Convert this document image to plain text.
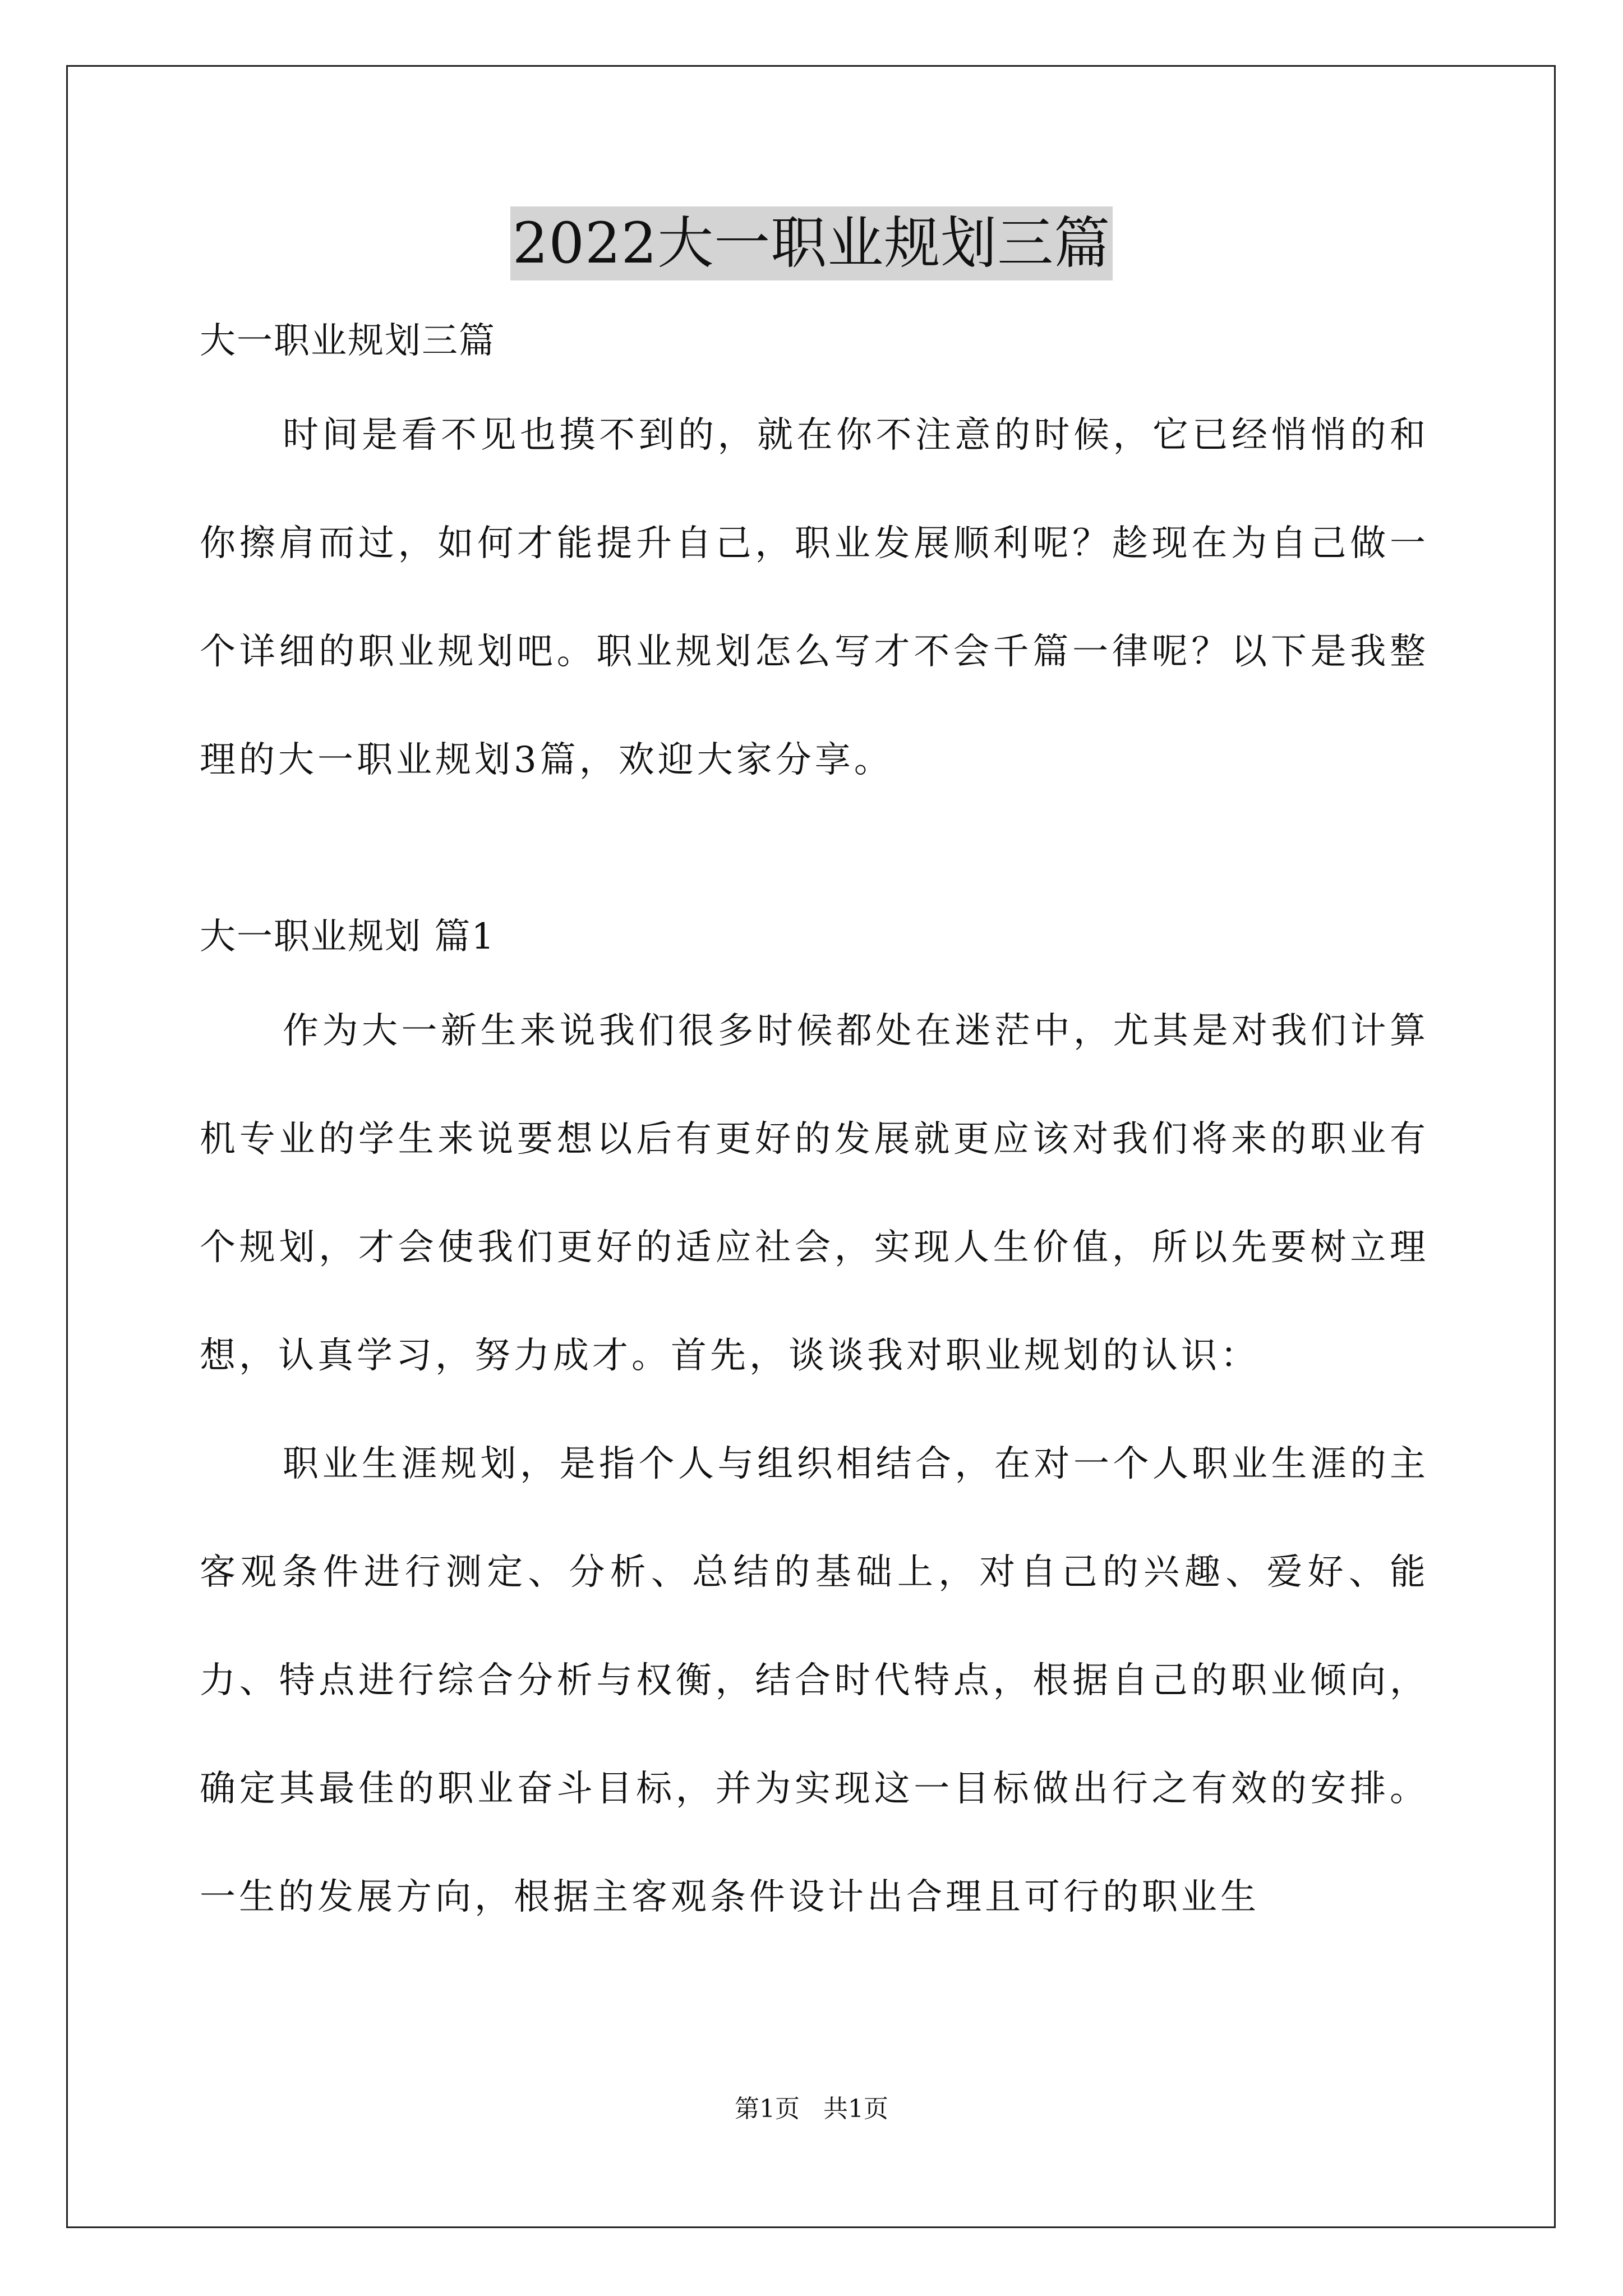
2022大一职业规划三篇

大一职业规划三篇

时间是看不见也摸不到的，就在你不注意的时候，它已经悄悄的和你擦肩而过，如何才能提升自己，职业发展顺利呢？趁现在为自己做一个详细的职业规划吧。职业规划怎么写才不会千篇一律呢？以下是我整理的大一职业规划3篇，欢迎大家分享。

大一职业规划 篇1

作为大一新生来说我们很多时候都处在迷茫中，尤其是对我们计算机专业的学生来说要想以后有更好的发展就更应该对我们将来的职业有个规划，才会使我们更好的适应社会，实现人生价值，所以先要树立理想，认真学习，努力成才。首先，谈谈我对职业规划的认识：

职业生涯规划，是指个人与组织相结合，在对一个人职业生涯的主客观条件进行测定、分析、总结的基础上，对自己的兴趣、爱好、能力、特点进行综合分析与权衡，结合时代特点，根据自己的职业倾向，确定其最佳的职业奋斗目标，并为实现这一目标做出行之有效的安排。一生的发展方向，根据主客观条件设计出合理且可行的职业生

第1页   共1页
